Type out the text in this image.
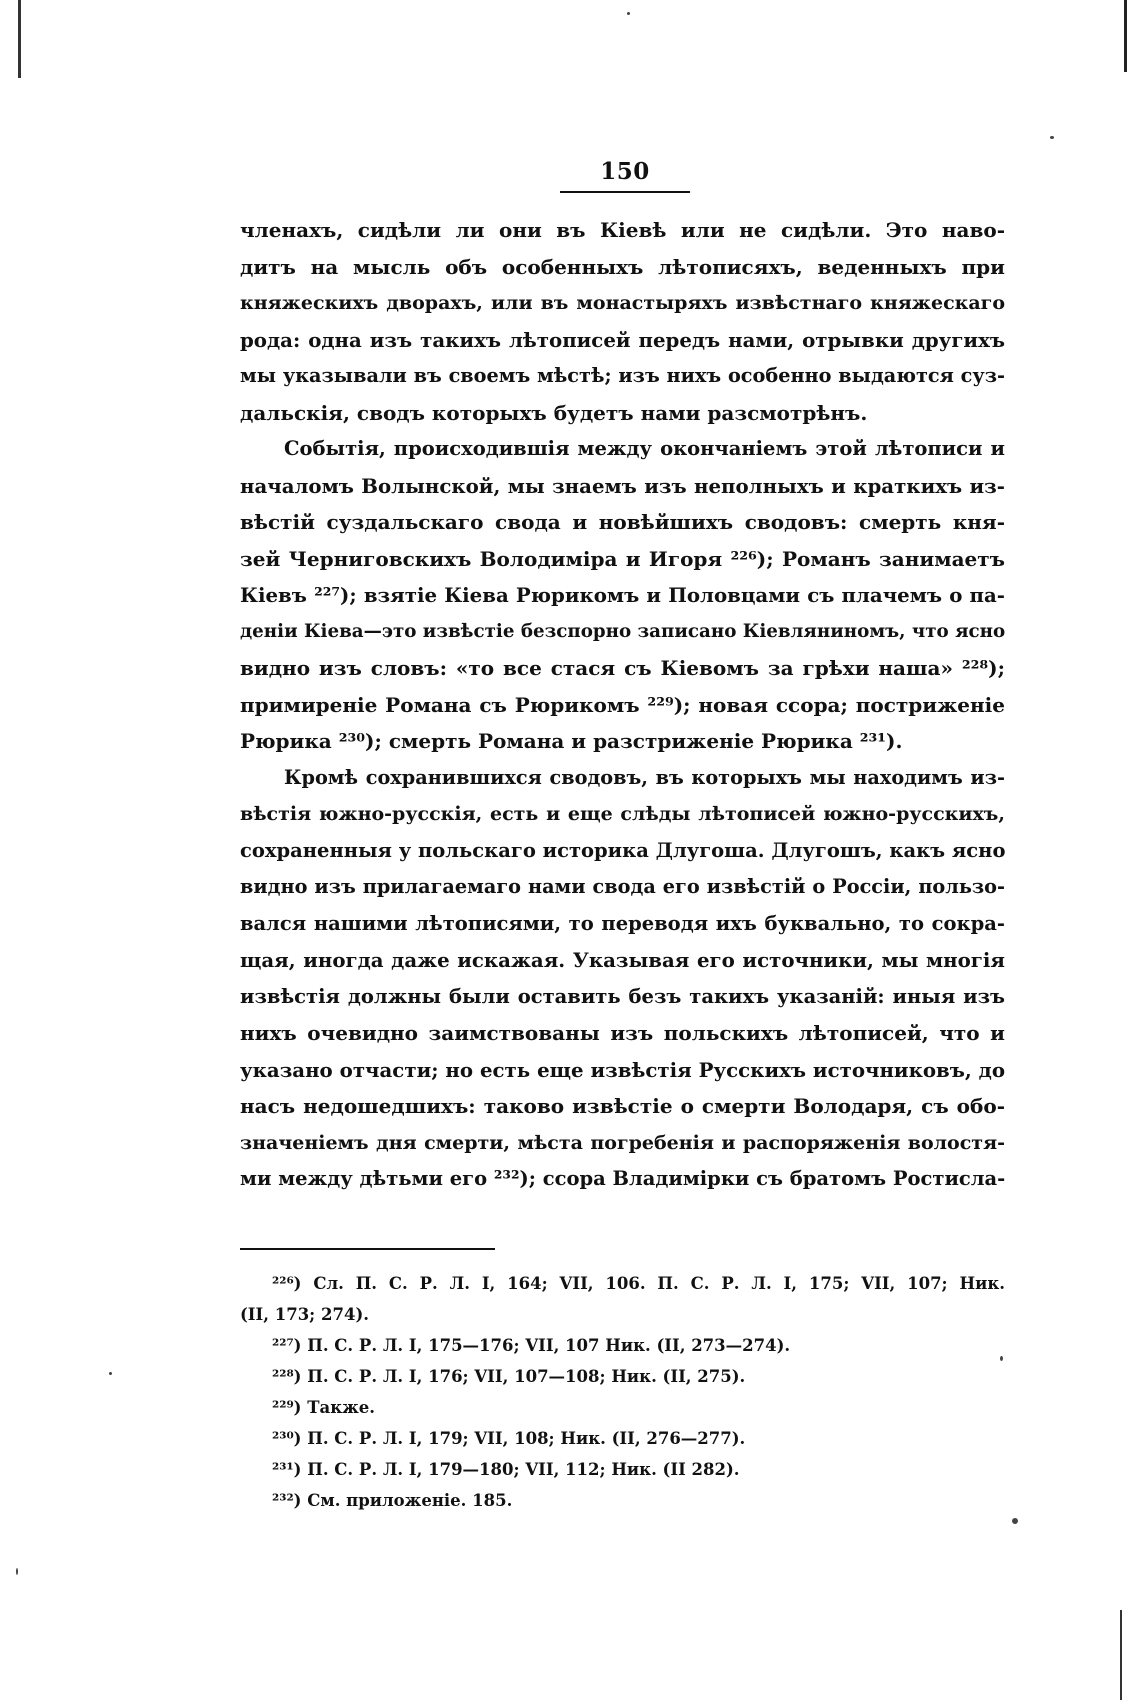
150
членахъ, сидѣли ли они въ Кіевѣ или не сидѣли. Это наво-
дитъ на мысль объ особенныхъ лѣтописяхъ, веденныхъ при
княжескихъ дворахъ, или въ монастыряхъ извѣстнаго княжескаго
рода: одна изъ такихъ лѣтописей передъ нами, отрывки другихъ
мы указывали въ своемъ мѣстѣ; изъ нихъ особенно выдаются суз-
дальскія, сводъ которыхъ будетъ нами разсмотрѣнъ.
Событія, происходившія между окончаніемъ этой лѣтописи и
началомъ Волынской, мы знаемъ изъ неполныхъ и краткихъ из-
вѣстій суздальскаго свода и новѣйшихъ сводовъ: смерть кня-
зей Черниговскихъ Володиміра и Игоря ²²⁶); Романъ занимаетъ
Кіевъ ²²⁷); взятіе Кіева Рюрикомъ и Половцами съ плачемъ о па-
деніи Кіева—это извѣстіе безспорно записано Кіевляниномъ, что ясно
видно изъ словъ: «то все стася съ Кіевомъ за грѣхи наша» ²²⁸);
примиреніе Романа съ Рюрикомъ ²²⁹); новая ссора; постриженіе
Рюрика ²³⁰); смерть Романа и разстриженіе Рюрика ²³¹).
Кромѣ сохранившихся сводовъ, въ которыхъ мы находимъ из-
вѣстія южно-русскія, есть и еще слѣды лѣтописей южно-русскихъ,
сохраненныя у польскаго историка Длугоша. Длугошъ, какъ ясно
видно изъ прилагаемаго нами свода его извѣстій о Россіи, пользо-
вался нашими лѣтописями, то переводя ихъ буквально, то сокра-
щая, иногда даже искажая. Указывая его источники, мы многія
извѣстія должны были оставить безъ такихъ указаній: иныя изъ
нихъ очевидно заимствованы изъ польскихъ лѣтописей, что и
указано отчасти; но есть еще извѣстія Русскихъ источниковъ, до
насъ недошедшихъ: таково извѣстіе о смерти Володаря, съ обо-
значеніемъ дня смерти, мѣста погребенія и распоряженія волостя-
ми между дѣтьми его ²³²); ссора Владимірки съ братомъ Ростисла-
²²⁶) Сл. П. С. Р. Л. I, 164; VII, 106. П. С. Р. Л. I, 175; VII, 107; Ник.
(II, 173; 274).
²²⁷) П. С. Р. Л. I, 175—176; VII, 107 Ник. (II, 273—274).
²²⁸) П. С. Р. Л. I, 176; VII, 107—108; Ник. (II, 275).
²²⁹) Также.
²³⁰) П. С. Р. Л. I, 179; VII, 108; Ник. (II, 276—277).
²³¹) П. С. Р. Л. I, 179—180; VII, 112; Ник. (II 282).
²³²) См. приложеніе. 185.
